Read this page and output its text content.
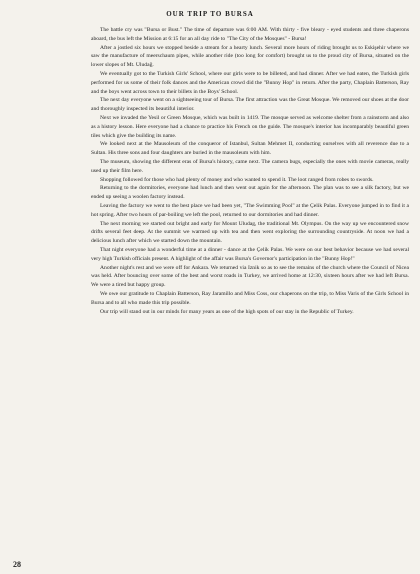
OUR TRIP TO BURSA

The battle cry was "Bursa or Bust." The time of departure was 6:00 AM. With thirty - five bleary - eyed students and three chaperons aboard, the bus left the Mission at 6:15 for an all day ride to "The City of the Mosques" - Bursa!

After a jostled six hours we stopped beside a stream for a hearty lunch. Several more hours of riding brought us to Eskişehir where we saw the manufacture of meerschaum pipes, while another ride (too long for comfort) brought us to the proud city of Bursa, situated on the lower slopes of Mt. Uludağ.

We eventually got to the Turkish Girls' School, where our girls were to be billeted, and had dinner. After we had eaten, the Turkish girls performed for us some of their folk dances and the American crowd did the "Bunny Hop" in return. After the party, Chaplain Batterson, Ray and the boys went across town to their billets in the Boys' School.

The next day everyone went on a sightseeing tour of Bursa. The first attraction was the Great Mosque. We removed our shoes at the door and thoroughly inspected its beautiful interior.

Next we invaded the Yesil or Green Mosque, which was built in 1419. The mosque served as welcome shelter from a rainstorm and also as a history lesson. Here everyone had a chance to practice his French on the guide. The mosque's interior has incomparably beautiful green tiles which give the building its name.

We looked next at the Mausoleum of the conqueror of Istanbul, Sultan Mehmet II, conducting ourselves with all reverence due to a Sultan. His three sons and four daughters are buried in the mausoleum with him.

The museum, showing the different eras of Bursa's history, came next. The camera bugs, especially the ones with movie cameras, really used up their film here.

Shopping followed for those who had plenty of money and who wanted to spend it. The loot ranged from robes to swords.

Returning to the dormitories, everyone had lunch and then went out again for the afternoon. The plan was to see a silk factory, but we ended up seeing a woolen factory instead.

Leaving the factory we went to the best place we had been yet, "The Swimming Pool" at the Çelik Palas. Everyone jumped in to find it a hot spring. After two hours of par-boiling we left the pool, returned to our dormitories and had dinner.

The next morning we started out bright and early for Mount Uludag, the traditional Mt. Olympus. On the way up we encountered snow drifts several feet deep. At the summit we warmed up with tea and then went exploring the surrounding countryside. At noon we had a delicious lunch after which we started down the mountain.

That night everyone had a wonderful time at a dinner - dance at the Çelik Palas. We were on our best behavior because we had several very high Turkish officials present. A highlight of the affair was Bursa's Governor's participation in the "Bunny Hop!"

Another night's rest and we were off for Ankara. We returned via Iznik so as to see the remains of the church where the Council of Nicea was held. After bouncing over some of the best and worst roads in Turkey, we arrived home at 12:30, sixteen hours after we had left Bursa. We were a tired but happy group.

We owe our gratitude to Chaplain Batterson, Ray Jaramillo and Miss Coss, our chaperons on the trip, to Miss Varis of the Girls School in Bursa and to all who made this trip possible.

Our trip will stand out in our minds for many years as one of the high spots of our stay in the Republic of Turkey.

28
